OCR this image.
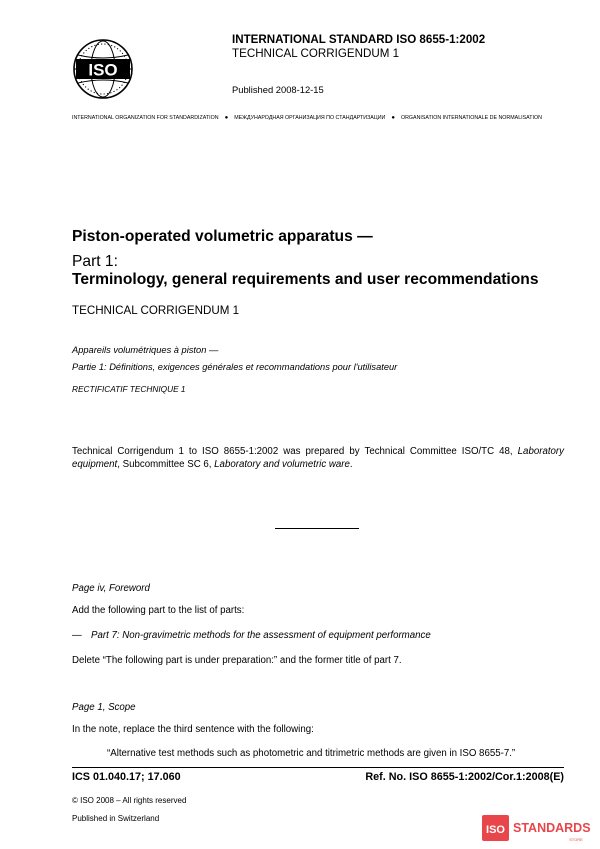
ISO
INTERNATIONAL STANDARD ISO 8655-1:2002
TECHNICAL CORRIGENDUM 1
Published 2008-12-15
INTERNATIONAL ORGANIZATION FOR STANDARDIZATION ● МЕЖДУНАРОДНАЯ ОРГАНИЗАЦИЯ ПО СТАНДАРТИЗАЦИИ ● ORGANISATION INTERNATIONALE DE NORMALISATION
Piston-operated volumetric apparatus —
Part 1:
Terminology, general requirements and user recommendations
TECHNICAL CORRIGENDUM 1
Appareils volumétriques à piston —
Partie 1: Définitions, exigences générales et recommandations pour l'utilisateur
RECTIFICATIF TECHNIQUE 1
Technical Corrigendum 1 to ISO 8655-1:2002 was prepared by Technical Committee ISO/TC 48, Laboratory equipment, Subcommittee SC 6, Laboratory and volumetric ware.
Page iv, Foreword
Add the following part to the list of parts:
— Part 7: Non-gravimetric methods for the assessment of equipment performance
Delete “The following part is under preparation:” and the former title of part 7.
Page 1, Scope
In the note, replace the third sentence with the following:
“Alternative test methods such as photometric and titrimetric methods are given in ISO 8655-7.”
ICS 01.040.17; 17.060	Ref. No. ISO 8655-1:2002/Cor.1:2008(E)
© ISO 2008 – All rights reserved
Published in Switzerland
ISO STANDARDS
STORE
